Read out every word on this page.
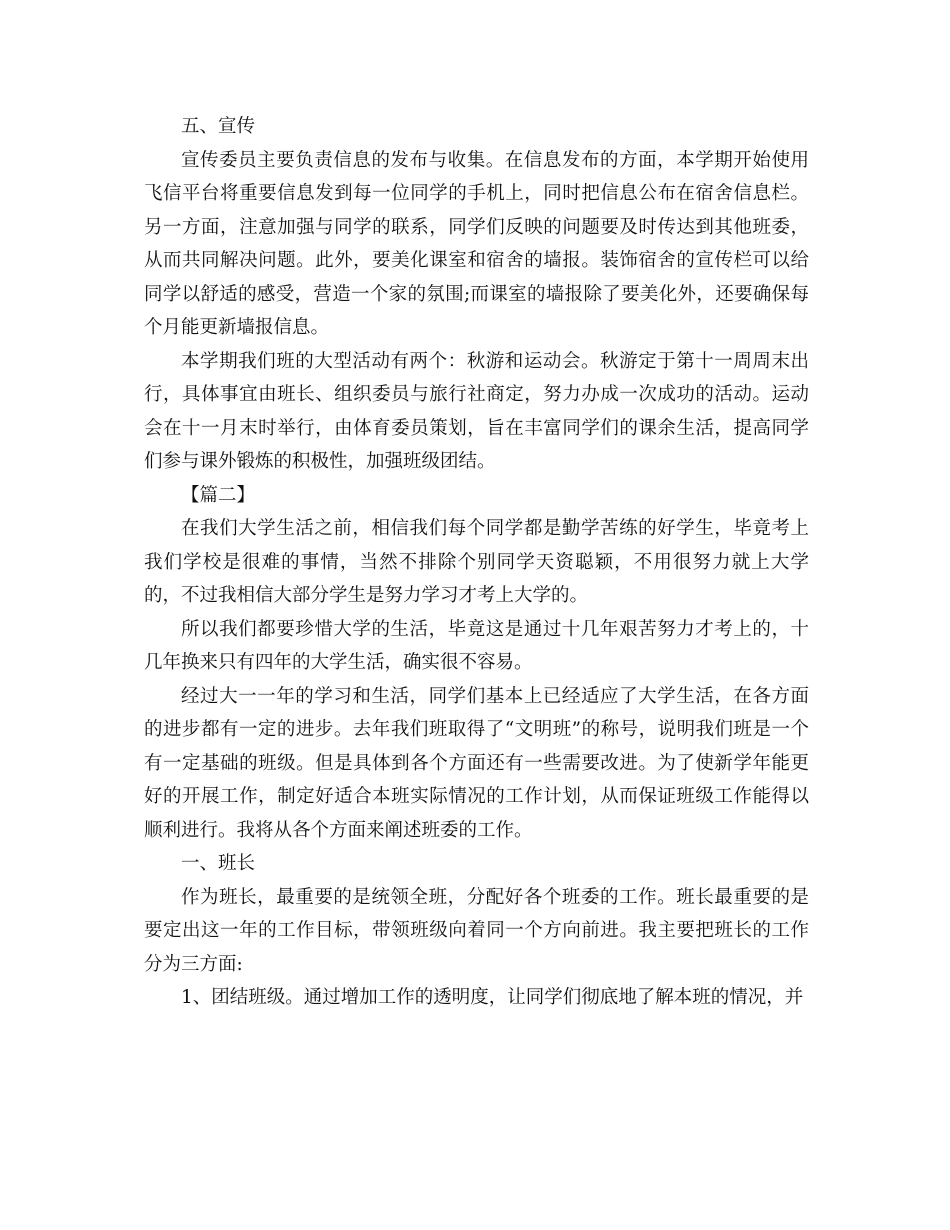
五、宣传

宣传委员主要负责信息的发布与收集。在信息发布的方面，本学期开始使用飞信平台将重要信息发到每一位同学的手机上，同时把信息公布在宿舍信息栏。另一方面，注意加强与同学的联系，同学们反映的问题要及时传达到其他班委，从而共同解决问题。此外，要美化课室和宿舍的墙报。装饰宿舍的宣传栏可以给同学以舒适的感受，营造一个家的氛围;而课室的墙报除了要美化外，还要确保每个月能更新墙报信息。

本学期我们班的大型活动有两个：秋游和运动会。秋游定于第十一周周末出行，具体事宜由班长、组织委员与旅行社商定，努力办成一次成功的活动。运动会在十一月末时举行，由体育委员策划，旨在丰富同学们的课余生活，提高同学们参与课外锻炼的积极性，加强班级团结。

【篇二】

在我们大学生活之前，相信我们每个同学都是勤学苦练的好学生，毕竟考上我们学校是很难的事情，当然不排除个别同学天资聪颖，不用很努力就上大学的，不过我相信大部分学生是努力学习才考上大学的。

所以我们都要珍惜大学的生活，毕竟这是通过十几年艰苦努力才考上的，十几年换来只有四年的大学生活，确实很不容易。

经过大一一年的学习和生活，同学们基本上已经适应了大学生活，在各方面的进步都有一定的进步。去年我们班取得了“文明班”的称号，说明我们班是一个有一定基础的班级。但是具体到各个方面还有一些需要改进。为了使新学年能更好的开展工作，制定好适合本班实际情况的工作计划，从而保证班级工作能得以顺利进行。我将从各个方面来阐述班委的工作。

一、班长

作为班长，最重要的是统领全班，分配好各个班委的工作。班长最重要的是要定出这一年的工作目标，带领班级向着同一个方向前进。我主要把班长的工作分为三方面:

1、团结班级。通过增加工作的透明度，让同学们彻底地了解本班的情况，并
